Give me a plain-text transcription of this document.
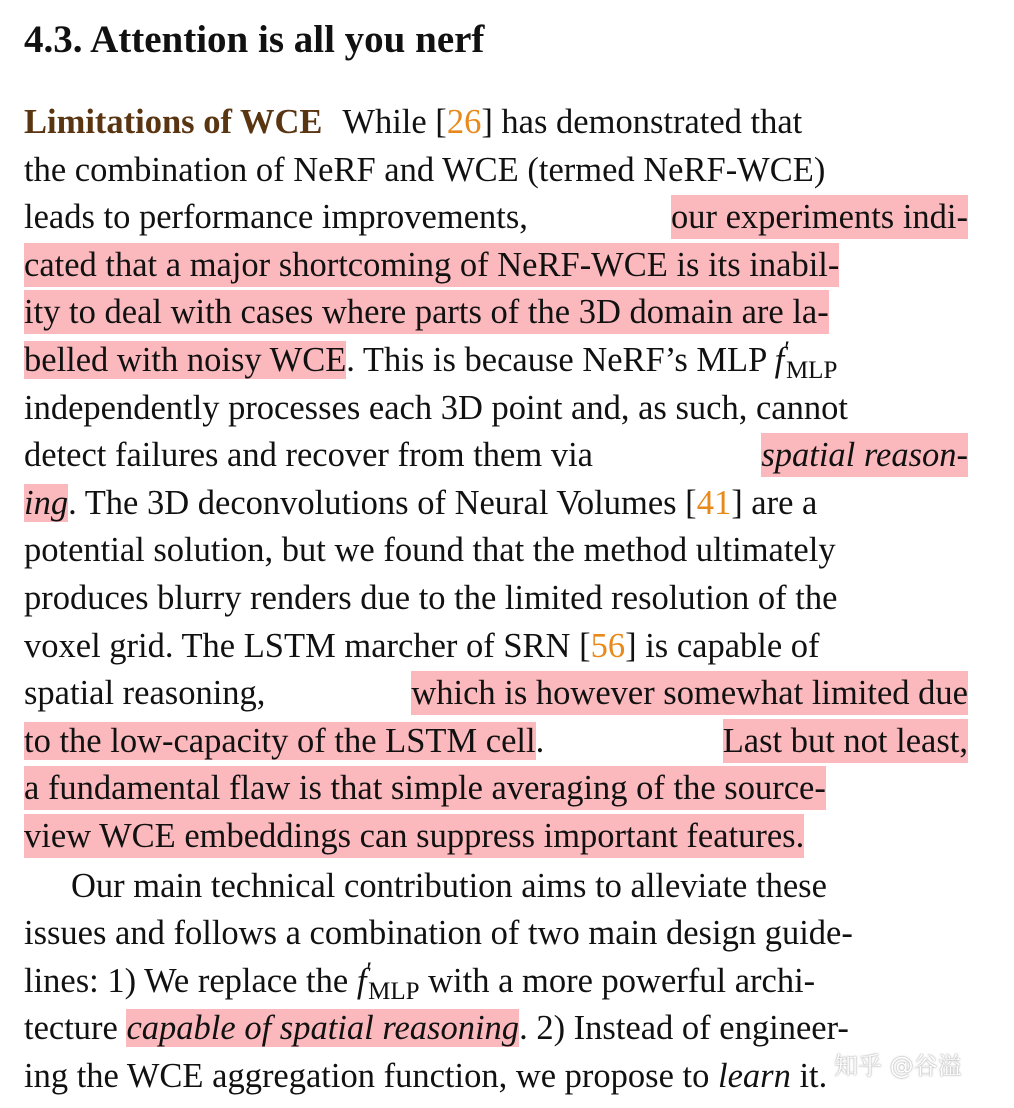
4.3. Attention is all you nerf
Limitations of WCE While [26] has demonstrated that
the combination of NeRF and WCE (termed NeRF-WCE)
leads to performance improvements,	our experiments indi-
cated that a major shortcoming of NeRF-WCE is its inabil-
ity to deal with cases where parts of the 3D domain are la-
belled with noisy WCE. This is because NeRF’s MLP $f'_{MLP}$
independently processes each 3D point and, as such, cannot
detect failures and recover from them via	spatial reason-
ing. The 3D deconvolutions of Neural Volumes [41] are a
potential solution, but we found that the method ultimately
produces blurry renders due to the limited resolution of the
voxel grid. The LSTM marcher of SRN [56] is capable of
spatial reasoning,	which is however somewhat limited due
to the low-capacity of the LSTM cell.	Last but not least,
a fundamental flaw is that simple averaging of the source-
view WCE embeddings can suppress important features.
Our main technical contribution aims to alleviate these
issues and follows a combination of two main design guide-
lines: 1) We replace the $f'_{MLP}$ with a more powerful archi-
tecture capable of spatial reasoning. 2) Instead of engineer-
ing the WCE aggregation function, we propose to learn it. 知乎 @谷溢
